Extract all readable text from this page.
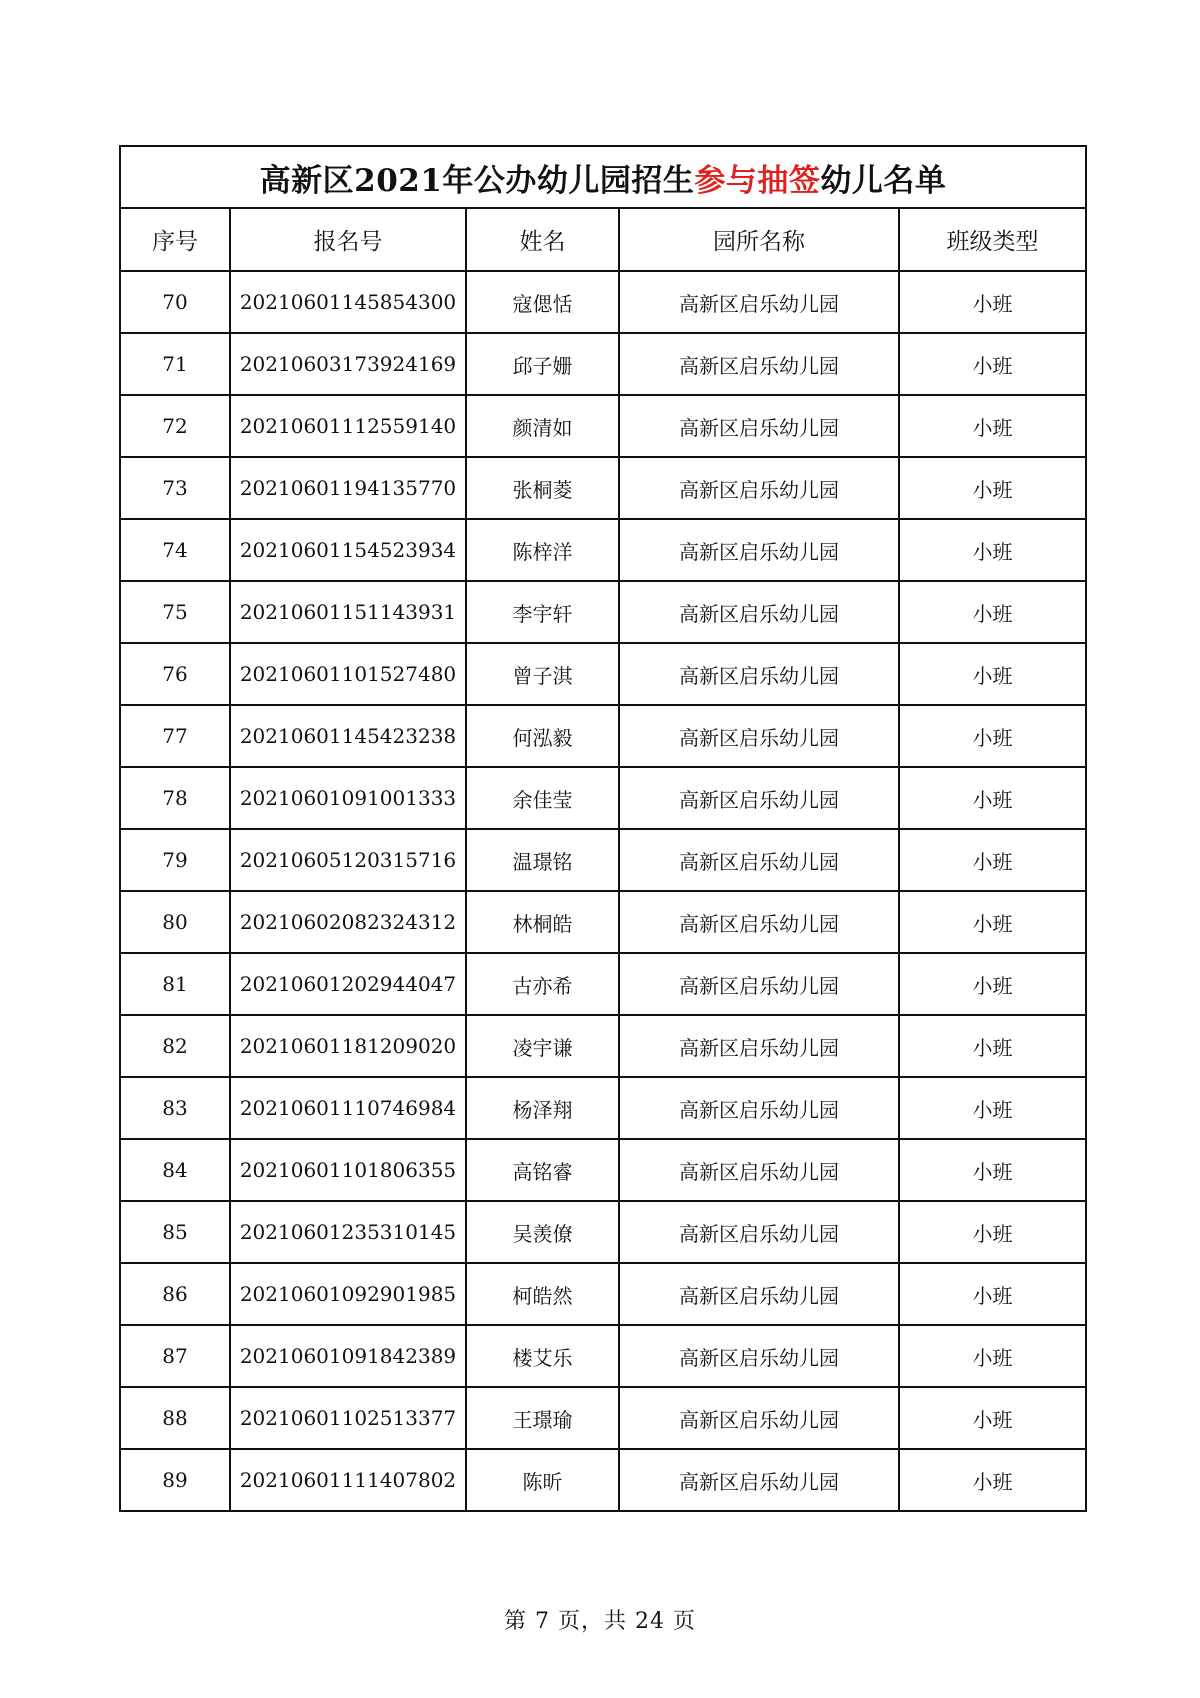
高新区2021年公办幼儿园招生参与抽签幼儿名单				
序号	报名号	姓名	园所名称	班级类型
70	20210601145854300	寇偲恬	高新区启乐幼儿园	小班
71	20210603173924169	邱子姗	高新区启乐幼儿园	小班
72	20210601112559140	颜清如	高新区启乐幼儿园	小班
73	20210601194135770	张桐菱	高新区启乐幼儿园	小班
74	20210601154523934	陈梓洋	高新区启乐幼儿园	小班
75	20210601151143931	李宇轩	高新区启乐幼儿园	小班
76	20210601101527480	曾子淇	高新区启乐幼儿园	小班
77	20210601145423238	何泓毅	高新区启乐幼儿园	小班
78	20210601091001333	余佳莹	高新区启乐幼儿园	小班
79	20210605120315716	温璟铭	高新区启乐幼儿园	小班
80	20210602082324312	林桐皓	高新区启乐幼儿园	小班
81	20210601202944047	古亦希	高新区启乐幼儿园	小班
82	20210601181209020	凌宇谦	高新区启乐幼儿园	小班
83	20210601110746984	杨泽翔	高新区启乐幼儿园	小班
84	20210601101806355	高铭睿	高新区启乐幼儿园	小班
85	20210601235310145	吴羡僚	高新区启乐幼儿园	小班
86	20210601092901985	柯皓然	高新区启乐幼儿园	小班
87	20210601091842389	楼艾乐	高新区启乐幼儿园	小班
88	20210601102513377	王璟瑜	高新区启乐幼儿园	小班
89	20210601111407802	陈昕	高新区启乐幼儿园	小班
第 7 页，共 24 页
